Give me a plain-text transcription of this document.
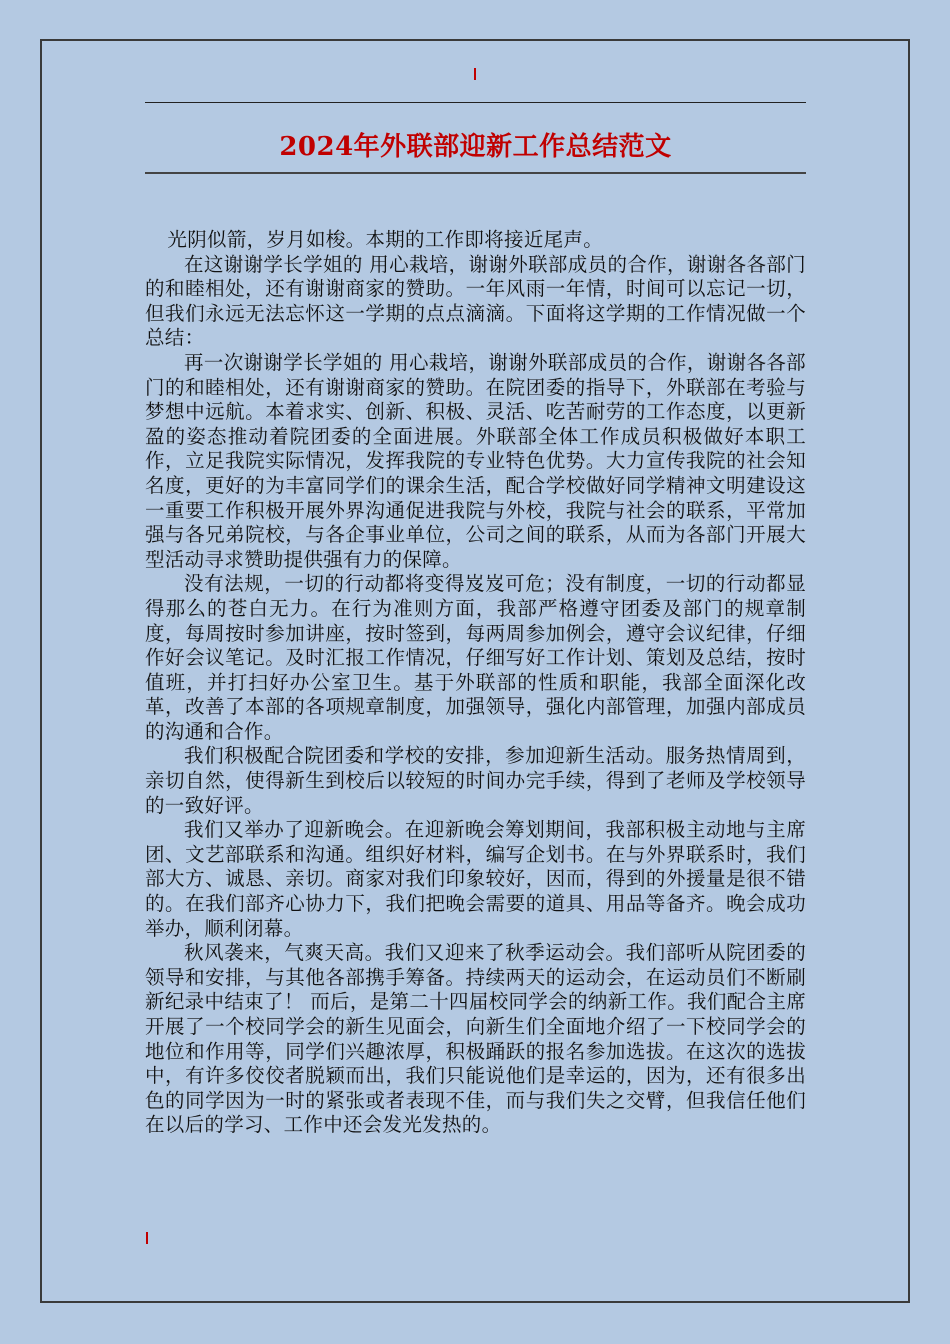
2024年外联部迎新工作总结范文

光阴似箭，岁月如梭。本期的工作即将接近尾声。

在这谢谢学长学姐的 用心栽培，谢谢外联部成员的合作，谢谢各各部门的和睦相处，还有谢谢商家的赞助。一年风雨一年情，时间可以忘记一切，但我们永远无法忘怀这一学期的点点滴滴。下面将这学期的工作情况做一个总结：

再一次谢谢学长学姐的 用心栽培，谢谢外联部成员的合作，谢谢各各部门的和睦相处，还有谢谢商家的赞助。在院团委的指导下，外联部在考验与梦想中远航。本着求实、创新、积极、灵活、吃苦耐劳的工作态度，以更新盈的姿态推动着院团委的全面进展。外联部全体工作成员积极做好本职工作，立足我院实际情况，发挥我院的专业特色优势。大力宣传我院的社会知名度，更好的为丰富同学们的课余生活，配合学校做好同学精神文明建设这一重要工作积极开展外界沟通促进我院与外校，我院与社会的联系，平常加强与各兄弟院校，与各企事业单位，公司之间的联系，从而为各部门开展大型活动寻求赞助提供强有力的保障。

没有法规，一切的行动都将变得岌岌可危；没有制度，一切的行动都显得那么的苍白无力。在行为准则方面，我部严格遵守团委及部门的规章制度，每周按时参加讲座，按时签到，每两周参加例会，遵守会议纪律，仔细作好会议笔记。及时汇报工作情况，仔细写好工作计划、策划及总结，按时值班，并打扫好办公室卫生。基于外联部的性质和职能，我部全面深化改革，改善了本部的各项规章制度，加强领导，强化内部管理，加强内部成员的沟通和合作。

我们积极配合院团委和学校的安排，参加迎新生活动。服务热情周到，亲切自然，使得新生到校后以较短的时间办完手续，得到了老师及学校领导的一致好评。

我们又举办了迎新晚会。在迎新晚会筹划期间，我部积极主动地与主席团、文艺部联系和沟通。组织好材料，编写企划书。在与外界联系时，我们部大方、诚恳、亲切。商家对我们印象较好，因而，得到的外援量是很不错的。在我们部齐心协力下，我们把晚会需要的道具、用品等备齐。晚会成功举办，顺利闭幕。

秋风袭来，气爽天高。我们又迎来了秋季运动会。我们部听从院团委的领导和安排，与其他各部携手筹备。持续两天的运动会，在运动员们不断刷新纪录中结束了！ 而后，是第二十四届校同学会的纳新工作。我们配合主席开展了一个校同学会的新生见面会，向新生们全面地介绍了一下校同学会的地位和作用等，同学们兴趣浓厚，积极踊跃的报名参加选拔。在这次的选拔中，有许多佼佼者脱颖而出，我们只能说他们是幸运的，因为，还有很多出色的同学因为一时的紧张或者表现不佳，而与我们失之交臂，但我信任他们在以后的学习、工作中还会发光发热的。
